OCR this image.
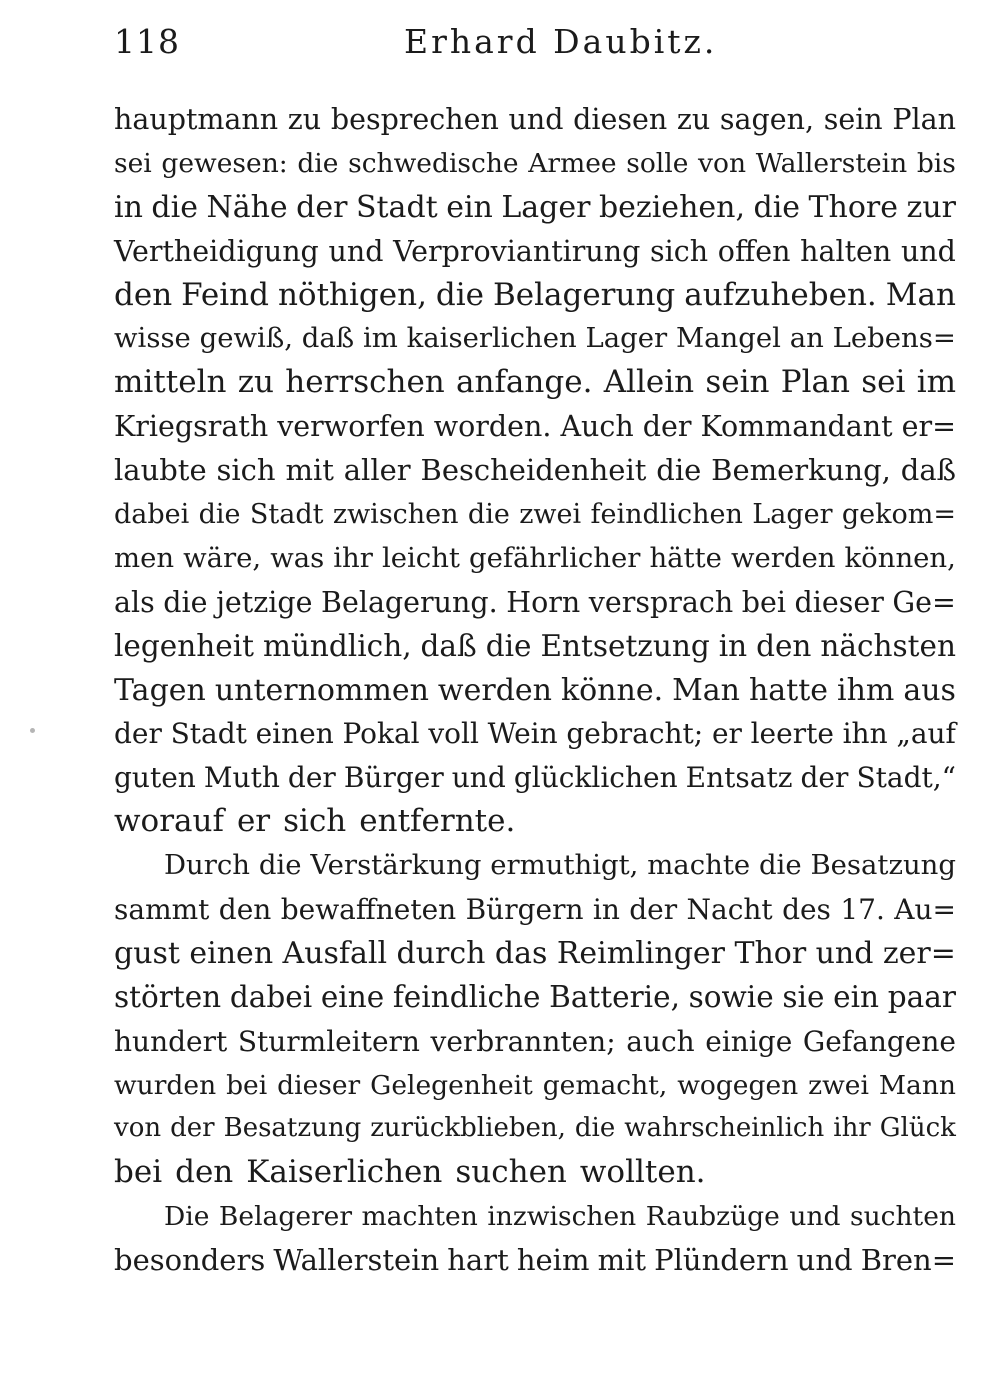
118	Erhard Daubitz.
hauptmann zu besprechen und diesen zu sagen, sein Plan
sei gewesen: die schwedische Armee solle von Wallerstein bis
in die Nähe der Stadt ein Lager beziehen, die Thore zur
Vertheidigung und Verproviantirung sich offen halten und
den Feind nöthigen, die Belagerung aufzuheben. Man
wisse gewiß, daß im kaiserlichen Lager Mangel an Lebens=
mitteln zu herrschen anfange. Allein sein Plan sei im
Kriegsrath verworfen worden. Auch der Kommandant er=
laubte sich mit aller Bescheidenheit die Bemerkung, daß
dabei die Stadt zwischen die zwei feindlichen Lager gekom=
men wäre, was ihr leicht gefährlicher hätte werden können,
als die jetzige Belagerung. Horn versprach bei dieser Ge=
legenheit mündlich, daß die Entsetzung in den nächsten
Tagen unternommen werden könne. Man hatte ihm aus
der Stadt einen Pokal voll Wein gebracht; er leerte ihn „auf
guten Muth der Bürger und glücklichen Entsatz der Stadt,“
worauf er sich entfernte.
Durch die Verstärkung ermuthigt, machte die Besatzung
sammt den bewaffneten Bürgern in der Nacht des 17. Au=
gust einen Ausfall durch das Reimlinger Thor und zer=
störten dabei eine feindliche Batterie, sowie sie ein paar
hundert Sturmleitern verbrannten; auch einige Gefangene
wurden bei dieser Gelegenheit gemacht, wogegen zwei Mann
von der Besatzung zurückblieben, die wahrscheinlich ihr Glück
bei den Kaiserlichen suchen wollten.
Die Belagerer machten inzwischen Raubzüge und suchten
besonders Wallerstein hart heim mit Plündern und Bren=
